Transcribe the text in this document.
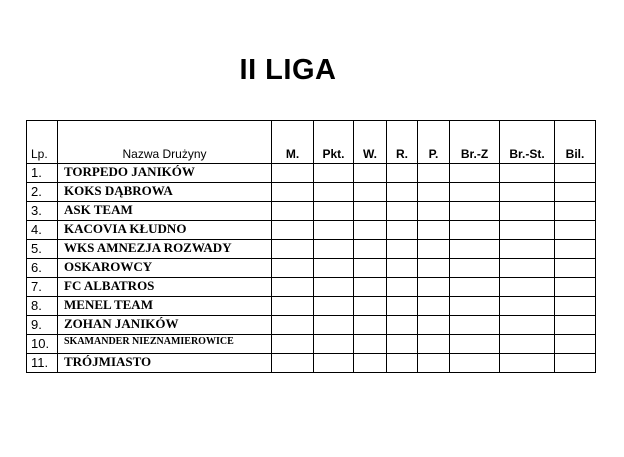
II LIGA
Lp.	Nazwa Drużyny	M.	Pkt.	W.	R.	P.	Br.-Z	Br.-St.	Bil.
1.	TORPEDO JANIKÓW								
2.	KOKS DĄBROWA								
3.	ASK TEAM								
4.	KACOVIA KŁUDNO								
5.	WKS AMNEZJA ROZWADY								
6.	OSKAROWCY								
7.	FC ALBATROS								
8.	MENEL TEAM								
9.	ZOHAN JANIKÓW								
10.	SKAMANDER NIEZNAMIEROWICE								
11.	TRÓJMIASTO								
